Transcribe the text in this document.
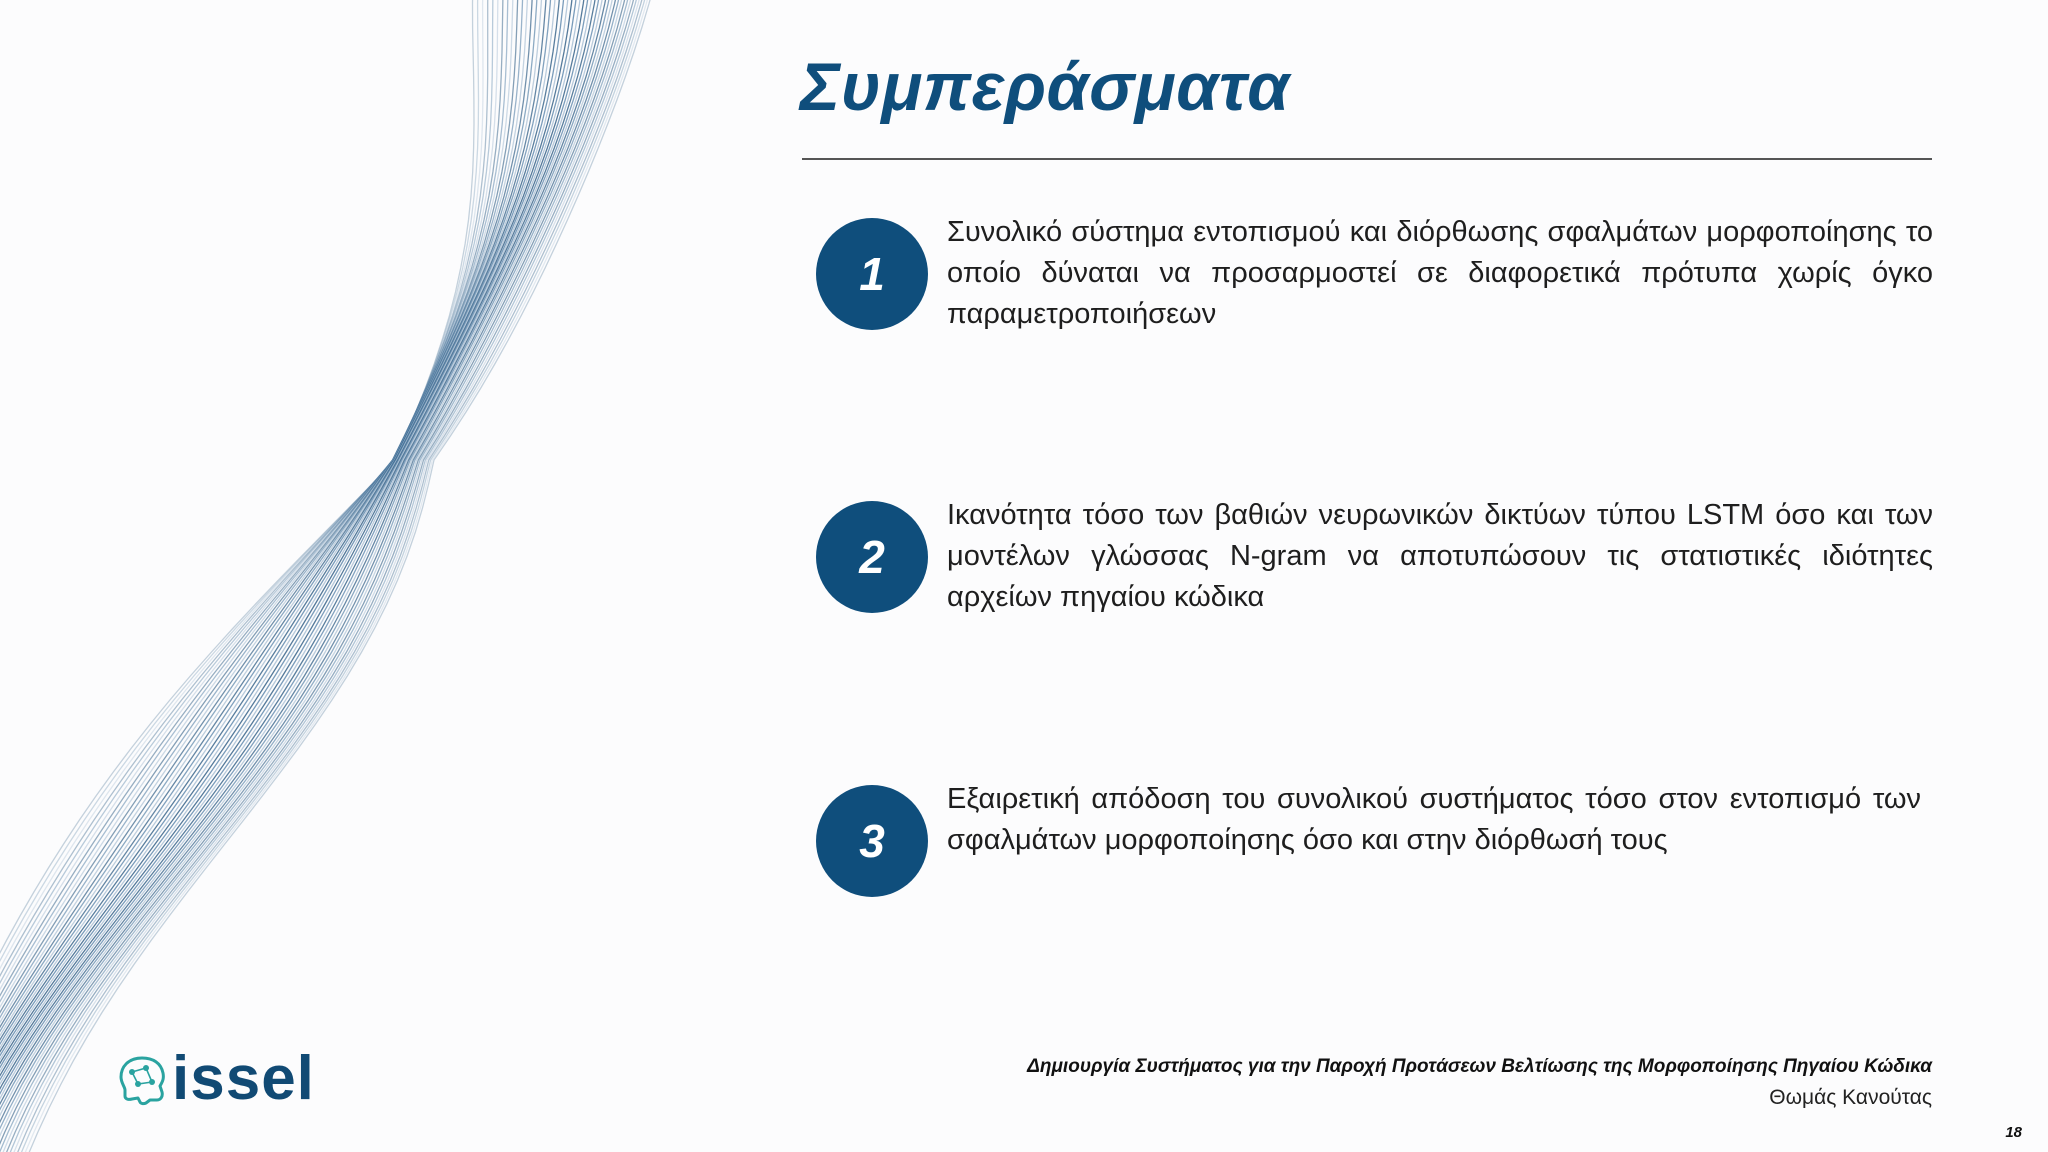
Συμπεράσματα
1
Συνολικό σύστημα εντοπισμού και διόρθωσης σφαλμάτων μορφοποίησης το οποίο δύναται να προσαρμοστεί σε διαφορετικά πρότυπα χωρίς όγκο παραμετροποιήσεων
2
Ικανότητα τόσο των βαθιών νευρωνικών δικτύων τύπου LSTM όσο και των μοντέλων γλώσσας N-gram να αποτυπώσουν τις στατιστικές ιδιότητες αρχείων πηγαίου κώδικα
3
Εξαιρετική απόδοση του συνολικού συστήματος τόσο στον εντοπισμό των σφαλμάτων μορφοποίησης όσο και στην διόρθωσή τους
issel	Δημιουργία Συστήματος για την Παροχή Προτάσεων Βελτίωσης της Μορφοποίησης Πηγαίου Κώδικα
Θωμάς Κανούτας
18
